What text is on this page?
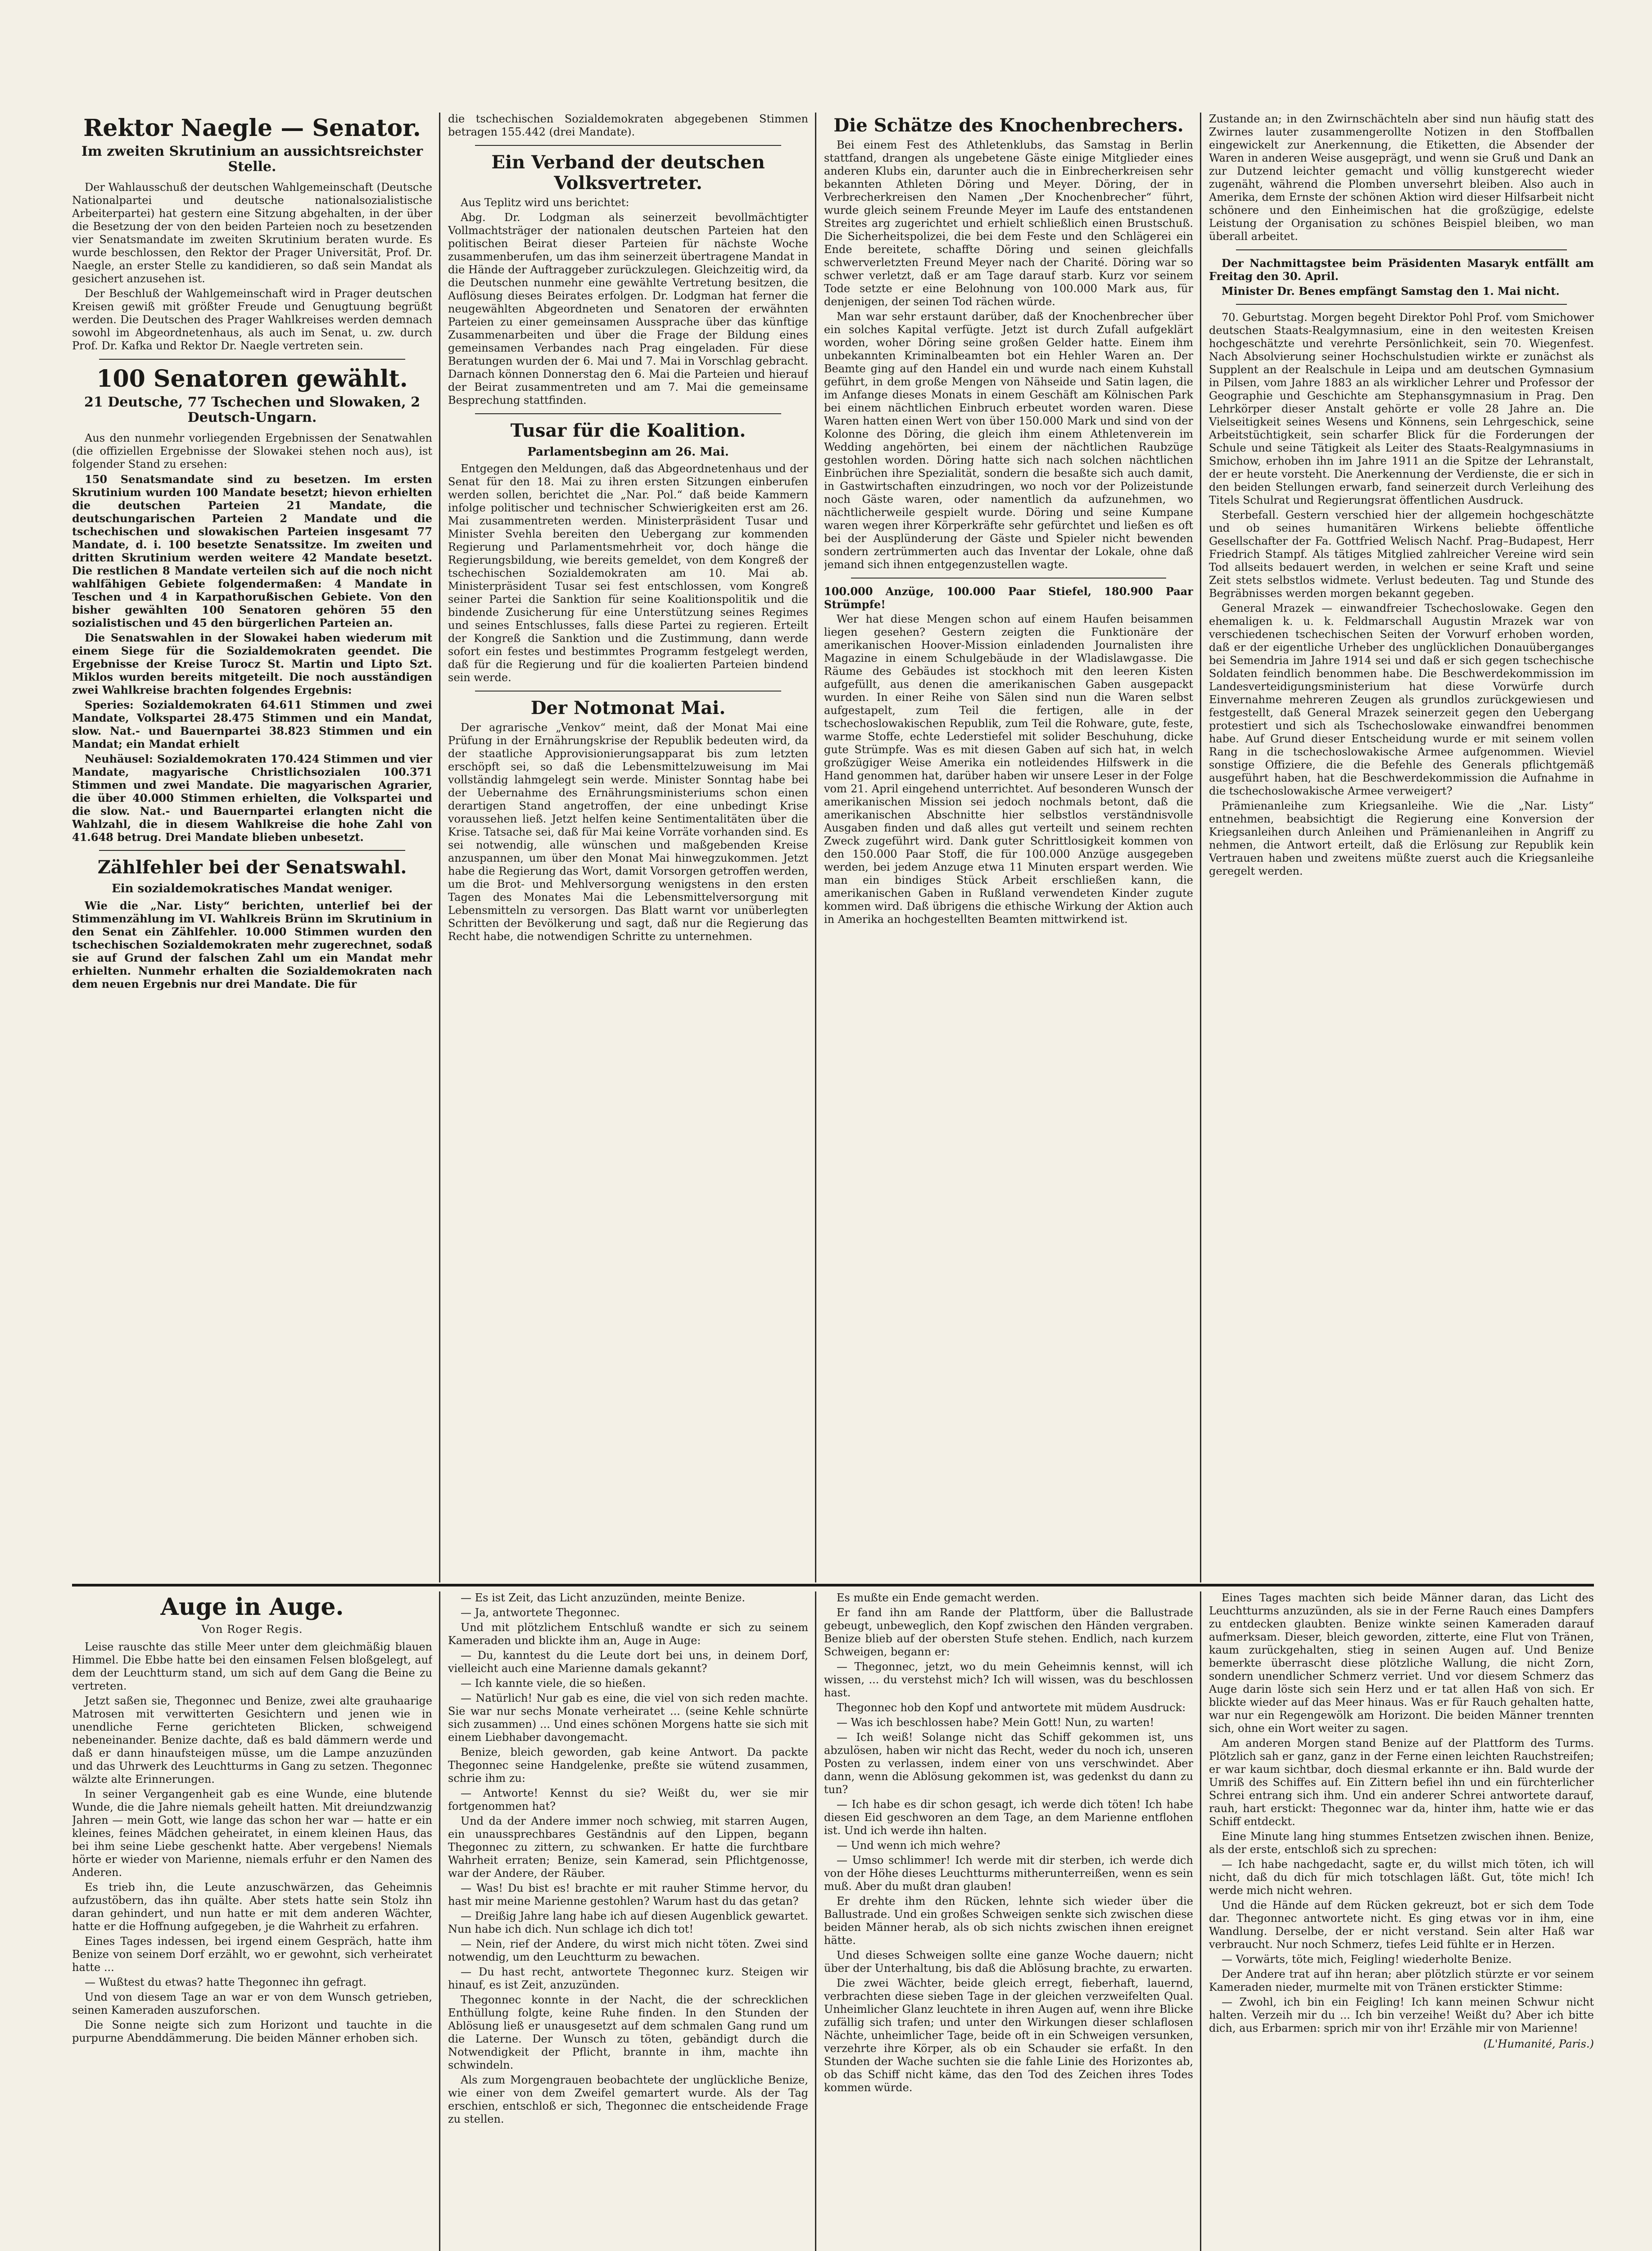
Rektor Naegle — Senator.
Im zweiten Skrutinium an aussichtsreichster Stelle.

Der Wahlausschuß der deutschen Wahlgemeinschaft (Deutsche Nationalpartei und deutsche nationalsozialistische Arbeiterpartei) hat gestern eine Sitzung abgehalten, in der über die Besetzung der von den beiden Parteien noch zu besetzenden vier Senatsmandate im zweiten Skrutinium beraten wurde. Es wurde beschlossen, den Rektor der Prager Universität, Prof. Dr. Naegle, an erster Stelle zu kandidieren, so daß sein Mandat als gesichert anzusehen ist.

Der Beschluß der Wahlgemeinschaft wird in Prager deutschen Kreisen gewiß mit größter Freude und Genugtuung begrüßt werden. Die Deutschen des Prager Wahlkreises werden demnach sowohl im Abgeordnetenhaus, als auch im Senat, u. zw. durch Prof. Dr. Kafka und Rektor Dr. Naegle vertreten sein.

100 Senatoren gewählt.
21 Deutsche, 77 Tschechen und Slowaken, 2 Deutsch-Ungarn.

Aus den nunmehr vorliegenden Ergebnissen der Senatwahlen (die offiziellen Ergebnisse der Slowakei stehen noch aus), ist folgender Stand zu ersehen:

150 Senatsmandate sind zu besetzen. Im ersten Skrutinium wurden 100 Mandate besetzt; hievon erhielten die deutschen Parteien 21 Mandate, die deutschungarischen Parteien 2 Mandate und die tschechischen und slowakischen Parteien insgesamt 77 Mandate, d. i. 100 besetzte Senatssitze. Im zweiten und dritten Skrutinium werden weitere 42 Mandate besetzt. Die restlichen 8 Mandate verteilen sich auf die noch nicht wahlfähigen Gebiete folgendermaßen: 4 Mandate in Teschen und 4 in Karpathorußischen Gebiete. Von den bisher gewählten 100 Senatoren gehören 55 den sozialistischen und 45 den bürgerlichen Parteien an.

Die Senatswahlen in der Slowakei haben wiederum mit einem Siege für die Sozialdemokraten geendet. Die Ergebnisse der Kreise Turocz St. Martin und Lipto Szt. Miklos wurden bereits mitgeteilt. Die noch ausständigen zwei Wahlkreise brachten folgendes Ergebnis:

Speries: Sozialdemokraten 64.611 Stimmen und zwei Mandate, Volkspartei 28.475 Stimmen und ein Mandat, slow. Nat.- und Bauernpartei 38.823 Stimmen und ein Mandat; ein Mandat erhielt

Neuhäusel: Sozialdemokraten 170.424 Stimmen und vier Mandate, magyarische Christlichsozialen 100.371 Stimmen und zwei Mandate. Die magyarischen Agrarier, die über 40.000 Stimmen erhielten, die Volkspartei und die slow. Nat.- und Bauernpartei erlangten nicht die Wahlzahl, die in diesem Wahlkreise die hohe Zahl von 41.648 betrug. Drei Mandate blieben unbesetzt.

Zählfehler bei der Senatswahl.
Ein sozialdemokratisches Mandat weniger.

Wie die „Nar. Listy“ berichten, unterlief bei der Stimmenzählung im VI. Wahlkreis Brünn im Skrutinium in den Senat ein Zählfehler. 10.000 Stimmen wurden den tschechischen Sozialdemokraten mehr zugerechnet, sodaß sie auf Grund der falschen Zahl um ein Mandat mehr erhielten. Nunmehr erhalten die Sozialdemokraten nach dem neuen Ergebnis nur drei Mandate. Die für

die tschechischen Sozialdemokraten abgegebenen Stimmen betragen 155.442 (drei Mandate).

Ein Verband der deutschen Volksvertreter.

Aus Teplitz wird uns berichtet:

Abg. Dr. Lodgman als seinerzeit bevollmächtigter Vollmachtsträger der nationalen deutschen Parteien hat den politischen Beirat dieser Parteien für nächste Woche zusammenberufen, um das ihm seinerzeit übertragene Mandat in die Hände der Auftraggeber zurückzulegen. Gleichzeitig wird, da die Deutschen nunmehr eine gewählte Vertretung besitzen, die Auflösung dieses Beirates erfolgen. Dr. Lodgman hat ferner die neugewählten Abgeordneten und Senatoren der erwähnten Parteien zu einer gemeinsamen Aussprache über das künftige Zusammenarbeiten und über die Frage der Bildung eines gemeinsamen Verbandes nach Prag eingeladen. Für diese Beratungen wurden der 6. Mai und 7. Mai in Vorschlag gebracht. Darnach können Donnerstag den 6. Mai die Parteien und hierauf der Beirat zusammentreten und am 7. Mai die gemeinsame Besprechung stattfinden.

Tusar für die Koalition.
Parlamentsbeginn am 26. Mai.

Entgegen den Meldungen, daß das Abgeordnetenhaus und der Senat für den 18. Mai zu ihren ersten Sitzungen einberufen werden sollen, berichtet die „Nar. Pol.“ daß beide Kammern infolge politischer und technischer Schwierigkeiten erst am 26. Mai zusammentreten werden. Ministerpräsident Tusar und Minister Svehla bereiten den Uebergang zur kommenden Regierung und Parlamentsmehrheit vor, doch hänge die Regierungsbildung, wie bereits gemeldet, von dem Kongreß der tschechischen Sozialdemokraten am 10. Mai ab. Ministerpräsident Tusar sei fest entschlossen, vom Kongreß seiner Partei die Sanktion für seine Koalitionspolitik und die bindende Zusicherung für eine Unterstützung seines Regimes und seines Entschlusses, falls diese Partei zu regieren. Erteilt der Kongreß die Sanktion und die Zustimmung, dann werde sofort ein festes und bestimmtes Programm festgelegt werden, daß für die Regierung und für die koalierten Parteien bindend sein werde.

Der Notmonat Mai.

Der agrarische „Venkov“ meint, daß der Monat Mai eine Prüfung in der Ernährungskrise der Republik bedeuten wird, da der staatliche Approvisionierungsapparat bis zum letzten erschöpft sei, so daß die Lebensmittelzuweisung im Mai vollständig lahmgelegt sein werde. Minister Sonntag habe bei der Uebernahme des Ernährungsministeriums schon einen derartigen Stand angetroffen, der eine unbedingt Krise voraussehen ließ. Jetzt helfen keine Sentimentalitäten über die Krise. Tatsache sei, daß für Mai keine Vorräte vorhanden sind. Es sei notwendig, alle wünschen und maßgebenden Kreise anzuspannen, um über den Monat Mai hinwegzukommen. Jetzt habe die Regierung das Wort, damit Vorsorgen getroffen werden, um die Brot- und Mehlversorgung wenigstens in den ersten Tagen des Monates Mai die Lebensmittelversorgung mit Lebensmitteln zu versorgen. Das Blatt warnt vor unüberlegten Schritten der Bevölkerung und sagt, daß nur die Regierung das Recht habe, die notwendigen Schritte zu unternehmen.

Die Schätze des Knochenbrechers.

Bei einem Fest des Athletenklubs, das Samstag in Berlin stattfand, drangen als ungebetene Gäste einige Mitglieder eines anderen Klubs ein, darunter auch die in Einbrecherkreisen sehr bekannten Athleten Döring und Meyer. Döring, der in Verbrecherkreisen den Namen „Der Knochenbrecher“ führt, wurde gleich seinem Freunde Meyer im Laufe des entstandenen Streites arg zugerichtet und erhielt schließlich einen Brustschuß. Die Sicherheitspolizei, die bei dem Feste und den Schlägerei ein Ende bereitete, schaffte Döring und seinen gleichfalls schwerverletzten Freund Meyer nach der Charité. Döring war so schwer verletzt, daß er am Tage darauf starb. Kurz vor seinem Tode setzte er eine Belohnung von 100.000 Mark aus, für denjenigen, der seinen Tod rächen würde.

Man war sehr erstaunt darüber, daß der Knochenbrecher über ein solches Kapital verfügte. Jetzt ist durch Zufall aufgeklärt worden, woher Döring seine großen Gelder hatte. Einem ihm unbekannten Kriminalbeamten bot ein Hehler Waren an. Der Beamte ging auf den Handel ein und wurde nach einem Kuhstall geführt, in dem große Mengen von Nähseide und Satin lagen, die im Anfange dieses Monats in einem Geschäft am Kölnischen Park bei einem nächtlichen Einbruch erbeutet worden waren. Diese Waren hatten einen Wert von über 150.000 Mark und sind von der Kolonne des Döring, die gleich ihm einem Athletenverein im Wedding angehörten, bei einem der nächtlichen Raubzüge gestohlen worden. Döring hatte sich nach solchen nächtlichen Einbrüchen ihre Spezialität, sondern die besaßte sich auch damit, in Gastwirtschaften einzudringen, wo noch vor der Polizeistunde noch Gäste waren, oder namentlich da aufzunehmen, wo nächtlicherweile gespielt wurde. Döring und seine Kumpane waren wegen ihrer Körperkräfte sehr gefürchtet und ließen es oft bei der Ausplünderung der Gäste und Spieler nicht bewenden sondern zertrümmerten auch das Inventar der Lokale, ohne daß jemand sich ihnen entgegenzustellen wagte.

100.000 Anzüge, 100.000 Paar Stiefel, 180.900 Paar Strümpfe!

Wer hat diese Mengen schon auf einem Haufen beisammen liegen gesehen? Gestern zeigten die Funktionäre der amerikanischen Hoover-Mission einladenden Journalisten ihre Magazine in einem Schulgebäude in der Wladislawgasse. Die Räume des Gebäudes ist stockhoch mit den leeren Kisten aufgefüllt, aus denen die amerikanischen Gaben ausgepackt wurden. In einer Reihe von Sälen sind nun die Waren selbst aufgestapelt, zum Teil die fertigen, alle in der tschechoslowakischen Republik, zum Teil die Rohware, gute, feste, warme Stoffe, echte Lederstiefel mit solider Beschuhung, dicke gute Strümpfe. Was es mit diesen Gaben auf sich hat, in welch großzügiger Weise Amerika ein notleidendes Hilfswerk in die Hand genommen hat, darüber haben wir unsere Leser in der Folge vom 21. April eingehend unterrichtet. Auf besonderen Wunsch der amerikanischen Mission sei jedoch nochmals betont, daß die amerikanischen Abschnitte hier selbstlos verständnisvolle Ausgaben finden und daß alles gut verteilt und seinem rechten Zweck zugeführt wird. Dank guter Schrittlosigkeit kommen von den 150.000 Paar Stoff, die für 100.000 Anzüge ausgegeben werden, bei jedem Anzuge etwa 11 Minuten erspart werden. Wie man ein bindiges Stück Arbeit erschließen kann, die amerikanischen Gaben in Rußland verwendeten Kinder zugute kommen wird. Daß übrigens die ethische Wirkung der Aktion auch in Amerika an hochgestellten Beamten mittwirkend ist.

Zustande an; in den Zwirnschächteln aber sind nun häufig statt des Zwirnes lauter zusammengerollte Notizen in den Stoffballen eingewickelt zur Anerkennung, die Etiketten, die Absender der Waren in anderen Weise ausgeprägt, und wenn sie Gruß und Dank an zur Dutzend leichter gemacht und völlig kunstgerecht wieder zugenäht, während die Plomben unversehrt bleiben. Also auch in Amerika, dem Ernste der schönen Aktion wird dieser Hilfsarbeit nicht schönere und den Einheimischen hat die großzügige, edelste Leistung der Organisation zu schönes Beispiel bleiben, wo man überall arbeitet.

Der Nachmittagstee beim Präsidenten Masaryk entfällt am Freitag den 30. April.

Minister Dr. Benes empfängt Samstag den 1. Mai nicht.

70. Geburtstag. Morgen begeht Direktor Pohl Prof. vom Smichower deutschen Staats-Realgymnasium, eine in den weitesten Kreisen hochgeschätzte und verehrte Persönlichkeit, sein 70. Wiegenfest. Nach Absolvierung seiner Hochschulstudien wirkte er zunächst als Supplent an der Realschule in Leipa und am deutschen Gymnasium in Pilsen, vom Jahre 1883 an als wirklicher Lehrer und Professor der Geographie und Geschichte am Stephansgymnasium in Prag. Den Lehrkörper dieser Anstalt gehörte er volle 28 Jahre an. Die Vielseitigkeit seines Wesens und Könnens, sein Lehrgeschick, seine Arbeitstüchtigkeit, sein scharfer Blick für die Forderungen der Schule und seine Tätigkeit als Leiter des Staats-Realgymnasiums in Smichow, erhoben ihn im Jahre 1911 an die Spitze der Lehranstalt, der er heute vorsteht. Die Anerkennung der Verdienste, die er sich in den beiden Stellungen erwarb, fand seinerzeit durch Verleihung des Titels Schulrat und Regierungsrat öffentlichen Ausdruck.

Sterbefall. Gestern verschied hier der allgemein hochgeschätzte und ob seines humanitären Wirkens beliebte öffentliche Gesellschafter der Fa. Gottfried Welisch Nachf. Prag–Budapest, Herr Friedrich Stampf. Als tätiges Mitglied zahlreicher Vereine wird sein Tod allseits bedauert werden, in welchen er seine Kraft und seine Zeit stets selbstlos widmete. Verlust bedeuten. Tag und Stunde des Begräbnisses werden morgen bekannt gegeben.

General Mrazek — einwandfreier Tschechoslowake. Gegen den ehemaligen k. u. k. Feldmarschall Augustin Mrazek war von verschiedenen tschechischen Seiten der Vorwurf erhoben worden, daß er der eigentliche Urheber des unglücklichen Donauüberganges bei Semendria im Jahre 1914 sei und daß er sich gegen tschechische Soldaten feindlich benommen habe. Die Beschwerdekommission im Landesverteidigungsministerium hat diese Vorwürfe durch Einvernahme mehreren Zeugen als grundlos zurückgewiesen und festgestellt, daß General Mrazek seinerzeit gegen den Uebergang protestiert und sich als Tschechoslowake einwandfrei benommen habe. Auf Grund dieser Entscheidung wurde er mit seinem vollen Rang in die tschechoslowakische Armee aufgenommen. Wieviel sonstige Offiziere, die die Befehle des Generals pflichtgemäß ausgeführt haben, hat die Beschwerdekommission die Aufnahme in die tschechoslowakische Armee verweigert?

Prämienanleihe zum Kriegsanleihe. Wie die „Nar. Listy“ entnehmen, beabsichtigt die Regierung eine Konversion der Kriegsanleihen durch Anleihen und Prämienanleihen in Angriff zu nehmen, die Antwort erteilt, daß die Erlösung zur Republik kein Vertrauen haben und zweitens müßte zuerst auch die Kriegsanleihe geregelt werden.

Auge in Auge.
Von Roger Regis.

Leise rauschte das stille Meer unter dem gleichmäßig blauen Himmel. Die Ebbe hatte bei den einsamen Felsen bloßgelegt, auf dem der Leuchtturm stand, um sich auf dem Gang die Beine zu vertreten.

Jetzt saßen sie, Thegonnec und Benize, zwei alte grauhaarige Matrosen mit verwitterten Gesichtern und jenen wie in unendliche Ferne gerichteten Blicken, schweigend nebeneinander. Benize dachte, daß es bald dämmern werde und daß er dann hinaufsteigen müsse, um die Lampe anzuzünden und das Uhrwerk des Leuchtturms in Gang zu setzen. Thegonnec wälzte alte Erinnerungen.

In seiner Vergangenheit gab es eine Wunde, eine blutende Wunde, die die Jahre niemals geheilt hatten. Mit dreiundzwanzig Jahren — mein Gott, wie lange das schon her war — hatte er ein kleines, feines Mädchen geheiratet, in einem kleinen Haus, das bei ihm seine Liebe geschenkt hatte. Aber vergebens! Niemals hörte er wieder von Marienne, niemals erfuhr er den Namen des Anderen.

Es trieb ihn, die Leute anzuschwärzen, das Geheimnis aufzustöbern, das ihn quälte. Aber stets hatte sein Stolz ihn daran gehindert, und nun hatte er mit dem anderen Wächter, hatte er die Hoffnung aufgegeben, je die Wahrheit zu erfahren.

Eines Tages indessen, bei irgend einem Gespräch, hatte ihm Benize von seinem Dorf erzählt, wo er gewohnt, sich verheiratet hatte ...

— Wußtest du etwas? hatte Thegonnec ihn gefragt.

Und von diesem Tage an war er von dem Wunsch getrieben, seinen Kameraden auszuforschen.

Die Sonne neigte sich zum Horizont und tauchte in die purpurne Abenddämmerung. Die beiden Männer erhoben sich.

— Es ist Zeit, das Licht anzuzünden, meinte Benize.

— Ja, antwortete Thegonnec.

Und mit plötzlichem Entschluß wandte er sich zu seinem Kameraden und blickte ihm an, Auge in Auge:

— Du, kanntest du die Leute dort bei uns, in deinem Dorf, vielleicht auch eine Marienne damals gekannt?

— Ich kannte viele, die so hießen.

— Natürlich! Nur gab es eine, die viel von sich reden machte. Sie war nur sechs Monate verheiratet ... (seine Kehle schnürte sich zusammen) ... Und eines schönen Morgens hatte sie sich mit einem Liebhaber davongemacht.

Benize, bleich geworden, gab keine Antwort. Da packte Thegonnec seine Handgelenke, preßte sie wütend zusammen, schrie ihm zu:

— Antworte! Kennst du sie? Weißt du, wer sie mir fortgenommen hat?

Und da der Andere immer noch schwieg, mit starren Augen, ein unaussprechbares Geständnis auf den Lippen, begann Thegonnec zu zittern, zu schwanken. Er hatte die furchtbare Wahrheit erraten; Benize, sein Kamerad, sein Pflichtgenosse, war der Andere, der Räuber.

— Was! Du bist es! brachte er mit rauher Stimme hervor, du hast mir meine Marienne gestohlen? Warum hast du das getan?

— Dreißig Jahre lang habe ich auf diesen Augenblick gewartet. Nun habe ich dich. Nun schlage ich dich tot!

— Nein, rief der Andere, du wirst mich nicht töten. Zwei sind notwendig, um den Leuchtturm zu bewachen.

— Du hast recht, antwortete Thegonnec kurz. Steigen wir hinauf, es ist Zeit, anzuzünden.

Thegonnec konnte in der Nacht, die der schrecklichen Enthüllung folgte, keine Ruhe finden. In den Stunden der Ablösung ließ er unausgesetzt auf dem schmalen Gang rund um die Laterne. Der Wunsch zu töten, gebändigt durch die Notwendigkeit der Pflicht, brannte in ihm, machte ihn schwindeln.

Als zum Morgengrauen beobachtete der unglückliche Benize, wie einer von dem Zweifel gemartert wurde. Als der Tag erschien, entschloß er sich, Thegonnec die entscheidende Frage zu stellen.

Es mußte ein Ende gemacht werden.

Er fand ihn am Rande der Plattform, über die Ballustrade gebeugt, unbeweglich, den Kopf zwischen den Händen vergraben. Benize blieb auf der obersten Stufe stehen. Endlich, nach kurzem Schweigen, begann er:

— Thegonnec, jetzt, wo du mein Geheimnis kennst, will ich wissen, ... du verstehst mich? Ich will wissen, was du beschlossen hast.

Thegonnec hob den Kopf und antwortete mit müdem Ausdruck:

— Was ich beschlossen habe? Mein Gott! Nun, zu warten!

— Ich weiß! Solange nicht das Schiff gekommen ist, uns abzulösen, haben wir nicht das Recht, weder du noch ich, unseren Posten zu verlassen, indem einer von uns verschwindet. Aber dann, wenn die Ablösung gekommen ist, was gedenkst du dann zu tun?

— Ich habe es dir schon gesagt, ich werde dich töten! Ich habe diesen Eid geschworen an dem Tage, an dem Marienne entflohen ist. Und ich werde ihn halten.

— Und wenn ich mich wehre?

— Umso schlimmer! Ich werde mit dir sterben, ich werde dich von der Höhe dieses Leuchtturms mitherunterreißen, wenn es sein muß. Aber du mußt dran glauben!

Er drehte ihm den Rücken, lehnte sich wieder über die Ballustrade. Und ein großes Schweigen senkte sich zwischen diese beiden Männer herab, als ob sich nichts zwischen ihnen ereignet hätte.

Und dieses Schweigen sollte eine ganze Woche dauern; nicht über der Unterhaltung, bis daß die Ablösung brachte, zu erwarten.

Die zwei Wächter, beide gleich erregt, fieberhaft, lauernd, verbrachten diese sieben Tage in der gleichen verzweifelten Qual. Unheimlicher Glanz leuchtete in ihren Augen auf, wenn ihre Blicke zufällig sich trafen; und unter den Wirkungen dieser schlaflosen Nächte, unheimlicher Tage, beide oft in ein Schweigen versunken, verzehrte ihre Körper, als ob ein Schauder sie erfaßt. In den Stunden der Wache suchten sie die fahle Linie des Horizontes ab, ob das Schiff nicht käme, das den Tod des Zeichen ihres Todes kommen würde.

Eines Tages machten sich beide Männer daran, das Licht des Leuchtturms anzuzünden, als sie in der Ferne Rauch eines Dampfers zu entdecken glaubten. Benize winkte seinen Kameraden darauf aufmerksam. Dieser, bleich geworden, zitterte, eine Flut von Tränen, kaum zurückgehalten, stieg in seinen Augen auf. Und Benize bemerkte überrascht diese plötzliche Wallung, die nicht Zorn, sondern unendlicher Schmerz verriet. Und vor diesem Schmerz das Auge darin löste sich sein Herz und er tat allen Haß von sich. Er blickte wieder auf das Meer hinaus. Was er für Rauch gehalten hatte, war nur ein Regengewölk am Horizont. Die beiden Männer trennten sich, ohne ein Wort weiter zu sagen.

Am anderen Morgen stand Benize auf der Plattform des Turms. Plötzlich sah er ganz, ganz in der Ferne einen leichten Rauchstreifen; er war kaum sichtbar, doch diesmal erkannte er ihn. Bald wurde der Umriß des Schiffes auf. Ein Zittern befiel ihn und ein fürchterlicher Schrei entrang sich ihm. Und ein anderer Schrei antwortete darauf, rauh, hart erstickt: Thegonnec war da, hinter ihm, hatte wie er das Schiff entdeckt.

Eine Minute lang hing stummes Entsetzen zwischen ihnen. Benize, als der erste, entschloß sich zu sprechen:

— Ich habe nachgedacht, sagte er, du willst mich töten, ich will nicht, daß du dich für mich totschlagen läßt. Gut, töte mich! Ich werde mich nicht wehren.

Und die Hände auf dem Rücken gekreuzt, bot er sich dem Tode dar. Thegonnec antwortete nicht. Es ging etwas vor in ihm, eine Wandlung. Derselbe, der er nicht verstand. Sein alter Haß war verbraucht. Nur noch Schmerz, tiefes Leid fühlte er in Herzen.

— Vorwärts, töte mich, Feigling! wiederholte Benize.

Der Andere trat auf ihn heran; aber plötzlich stürzte er vor seinem Kameraden nieder, murmelte mit von Tränen erstickter Stimme:

— Zwohl, ich bin ein Feigling! Ich kann meinen Schwur nicht halten. Verzeih mir du ... Ich bin verzeihe! Weißt du? Aber ich bitte dich, aus Erbarmen: sprich mir von ihr! Erzähle mir von Marienne!

(L'Humanité, Paris.)
